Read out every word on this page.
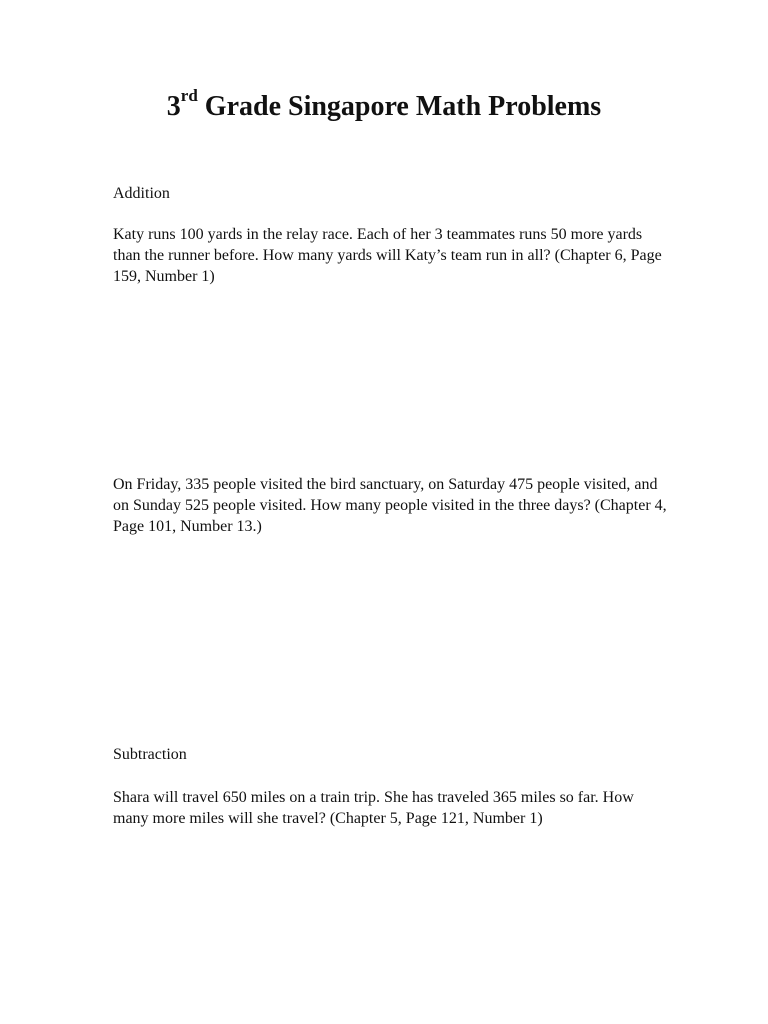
3rd Grade Singapore Math Problems
Addition

Katy runs 100 yards in the relay race. Each of her 3 teammates runs 50 more yards than the runner before. How many yards will Katy’s team run in all? (Chapter 6, Page 159, Number 1)

On Friday, 335 people visited the bird sanctuary, on Saturday 475 people visited, and on Sunday 525 people visited. How many people visited in the three days? (Chapter 4, Page 101, Number 13.)

Subtraction

Shara will travel 650 miles on a train trip. She has traveled 365 miles so far. How many more miles will she travel? (Chapter 5, Page 121, Number 1)
